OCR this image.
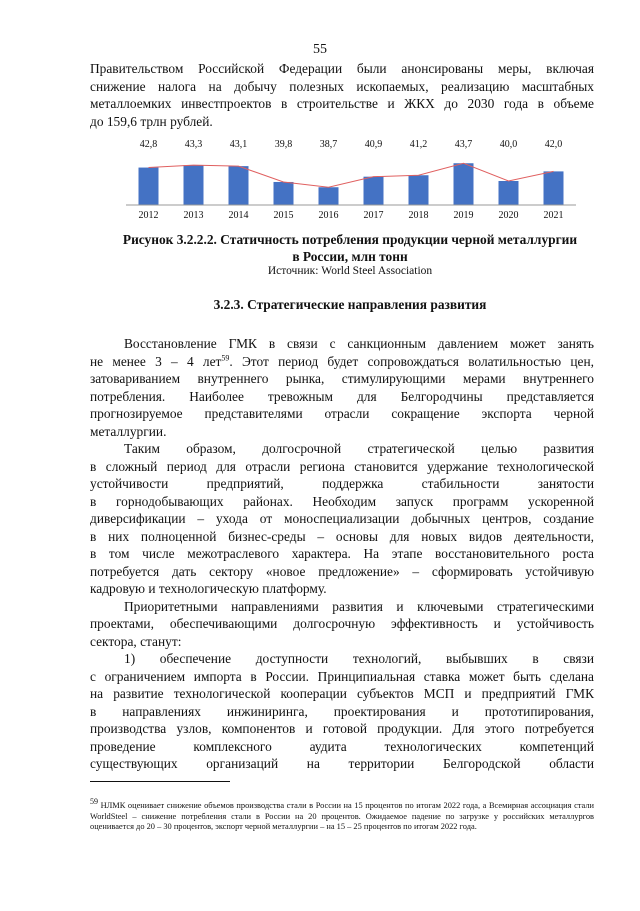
55
Правительством Российской Федерации были анонсированы меры, включая
снижение налога на добычу полезных ископаемых, реализацию масштабных
металлоемких инвестпроектов в строительстве и ЖКХ до 2030 года в объеме
до 159,6 трлн рублей.
42,8
2012
43,3
2013
43,1
2014
39,8
2015
38,7
2016
40,9
2017
41,2
2018
43,7
2019
40,0
2020
42,0
2021
Рисунок 3.2.2.2. Статичность потребления продукции черной металлургии
в России, млн тонн
Источник: World Steel Association
3.2.3. Стратегические направления развития

Восстановление ГМК в связи с санкционным давлением может занять
не менее 3 – 4 лет$^{59}$. Этот период будет сопровождаться волатильностью цен,
затовариванием внутреннего рынка, стимулирующими мерами внутреннего
потребления. Наиболее тревожным для Белгородчины представляется
прогнозируемое представителями отрасли сокращение экспорта черной
металлургии.

Таким образом, долгосрочной стратегической целью развития
в сложный период для отрасли региона становится удержание технологической
устойчивости предприятий, поддержка стабильности занятости
в горнодобывающих районах. Необходим запуск программ ускоренной
диверсификации – ухода от моноспециализации добычных центров, создание
в них полноценной бизнес-среды – основы для новых видов деятельности,
в том числе межотраслевого характера. На этапе восстановительного роста
потребуется дать сектору «новое предложение» – сформировать устойчивую
кадровую и технологическую платформу.

Приоритетными направлениями развития и ключевыми стратегическими
проектами, обеспечивающими долгосрочную эффективность и устойчивость
сектора, станут:

1) обеспечение доступности технологий, выбывших в связи
с ограничением импорта в России. Принципиальная ставка может быть сделана
на развитие технологической кооперации субъектов МСП и предприятий ГМК
в направлениях инжиниринга, проектирования и прототипирования,
производства узлов, компонентов и готовой продукции. Для этого потребуется
проведение комплексного аудита технологических компетенций
существующих организаций на территории Белгородской области

$^{59}$ НЛМК оценивает снижение объемов производства стали в России на 15 процентов по итогам 2022 года, а Всемирная ассоциация стали WorldSteel – снижение потребления стали в России на 20 процентов. Ожидаемое падение по загрузке у российских металлургов оценивается до 20 – 30 процентов, экспорт черной металлургии – на 15 – 25 процентов по итогам 2022 года.
